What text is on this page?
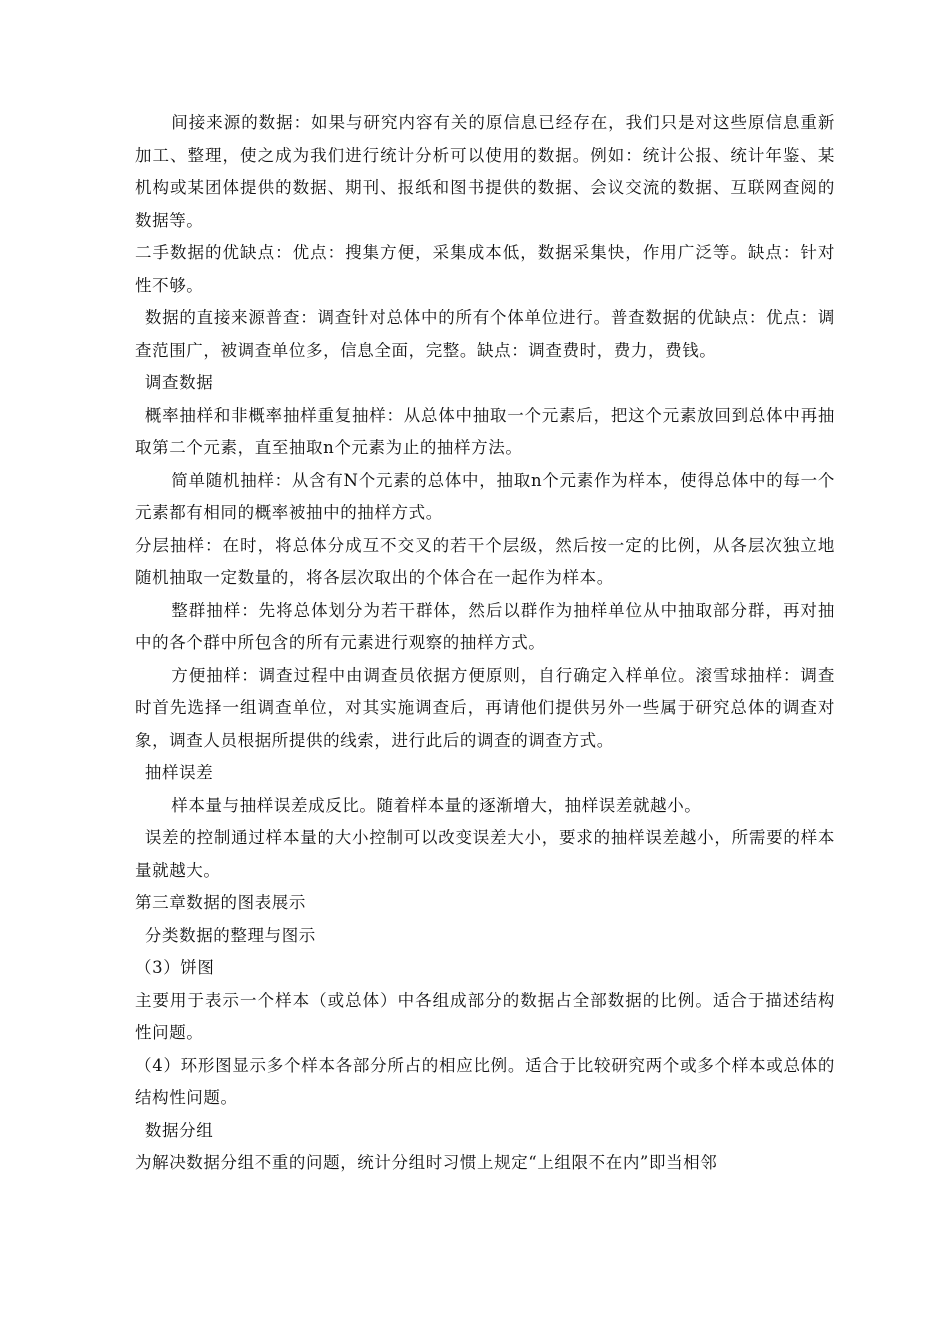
间接来源的数据：如果与研究内容有关的原信息已经存在，我们只是对这些原信息重新加工、整理，使之成为我们进行统计分析可以使用的数据。例如：统计公报、统计年鉴、某机构或某团体提供的数据、期刊、报纸和图书提供的数据、会议交流的数据、互联网查阅的数据等。

二手数据的优缺点：优点：搜集方便，采集成本低，数据采集快，作用广泛等。缺点：针对性不够。

数据的直接来源普查：调查针对总体中的所有个体单位进行。普查数据的优缺点：优点：调查范围广，被调查单位多，信息全面，完整。缺点：调查费时，费力，费钱。

调查数据

概率抽样和非概率抽样重复抽样：从总体中抽取一个元素后，把这个元素放回到总体中再抽取第二个元素，直至抽取n个元素为止的抽样方法。

简单随机抽样：从含有N个元素的总体中，抽取n个元素作为样本，使得总体中的每一个元素都有相同的概率被抽中的抽样方式。

分层抽样：在时，将总体分成互不交叉的若干个层级，然后按一定的比例，从各层次独立地随机抽取一定数量的，将各层次取出的个体合在一起作为样本。

整群抽样：先将总体划分为若干群体，然后以群作为抽样单位从中抽取部分群，再对抽中的各个群中所包含的所有元素进行观察的抽样方式。

方便抽样：调查过程中由调查员依据方便原则，自行确定入样单位。滚雪球抽样：调查时首先选择一组调查单位，对其实施调查后，再请他们提供另外一些属于研究总体的调查对象，调查人员根据所提供的线索，进行此后的调查的调查方式。

抽样误差

样本量与抽样误差成反比。随着样本量的逐渐增大，抽样误差就越小。

误差的控制通过样本量的大小控制可以改变误差大小，要求的抽样误差越小，所需要的样本量就越大。

第三章数据的图表展示

分类数据的整理与图示

（3）饼图

主要用于表示一个样本（或总体）中各组成部分的数据占全部数据的比例。适合于描述结构性问题。

（4）环形图显示多个样本各部分所占的相应比例。适合于比较研究两个或多个样本或总体的结构性问题。

数据分组

为解决数据分组不重的问题，统计分组时习惯上规定“上组限不在内”即当相邻
